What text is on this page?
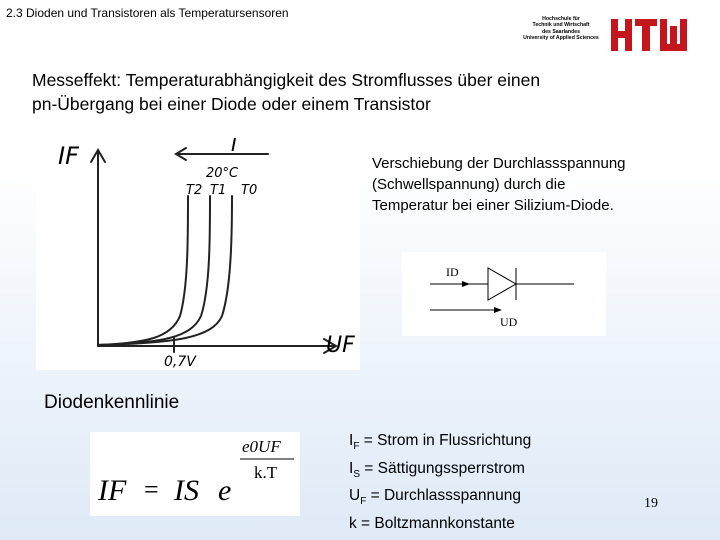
2.3 Dioden und Transistoren als Temperatursensoren	Hochschule für
Technik und Wirtschaft
des Saarlandes
University of Applied Sciences
Messeffekt: Temperaturabhängigkeit des Stromflusses über einen
pn-Übergang bei einer Diode oder einem Transistor
IF
UF
T
20°C
T2 T1 T0
0,7V
Verschiebung der Durchlassspannung
(Schwellspannung) durch die
Temperatur bei einer Silizium-Diode.
ID
UD
Diodenkennlinie
IF = IS e
e0UF
k.T
$I_F$ = Strom in Flussrichtung
$I_S$ = Sättigungssperrstrom
$U_F$ = Durchlassspannung
k = Boltzmannkonstante
19
